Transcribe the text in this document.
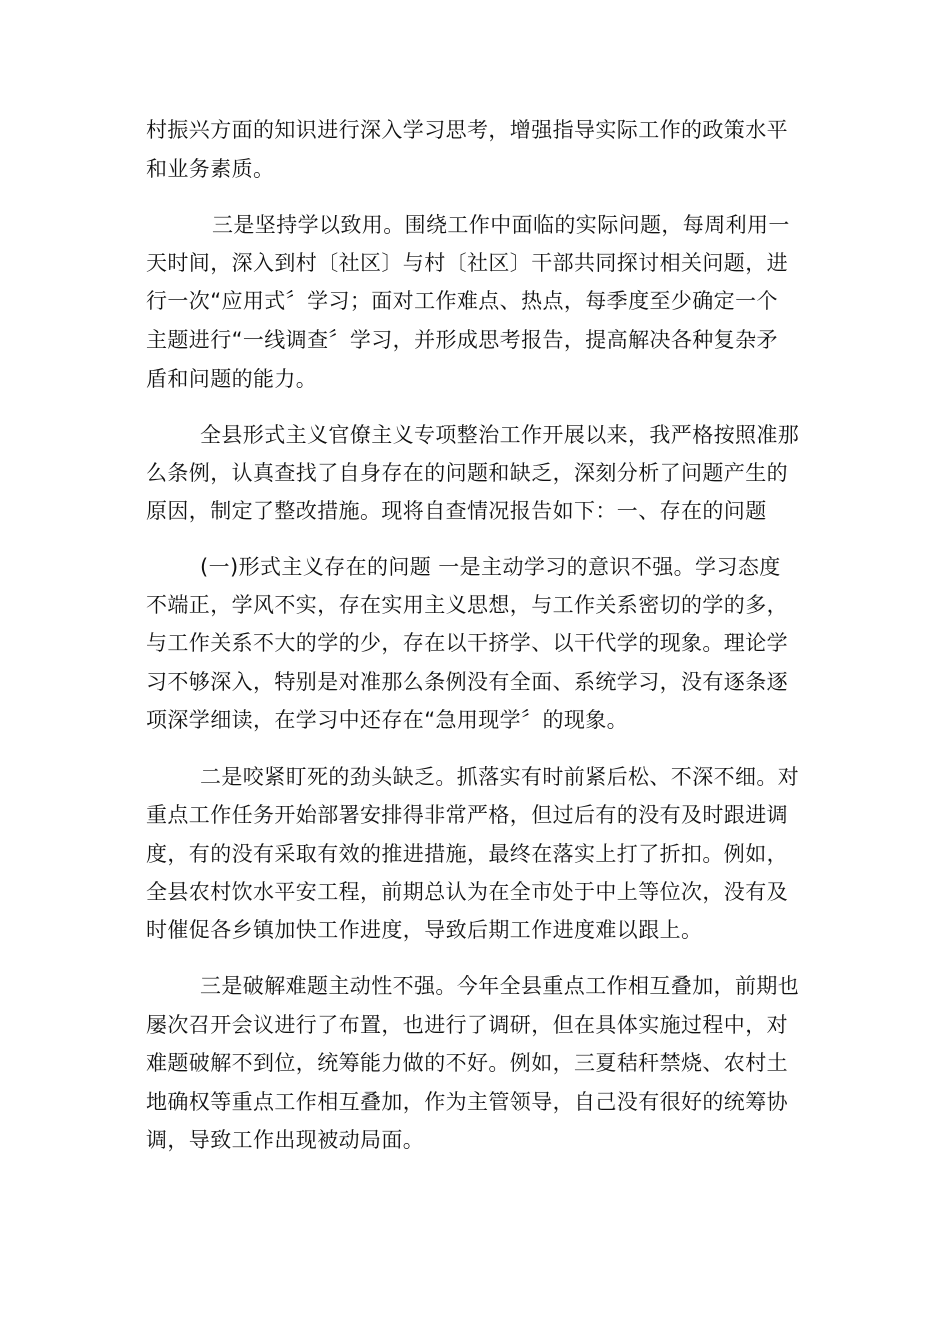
村振兴方面的知识进行深入学习思考，增强指导实际工作的政策水平
和业务素质。
三是坚持学以致用。围绕工作中面临的实际问题，每周利用一
天时间，深入到村〔社区〕与村〔社区〕干部共同探讨相关问题，进
行一次“应用式〞学习；面对工作难点、热点，每季度至少确定一个
主题进行“一线调查〞学习，并形成思考报告，提高解决各种复杂矛
盾和问题的能力。
全县形式主义官僚主义专项整治工作开展以来，我严格按照准那
么条例，认真查找了自身存在的问题和缺乏，深刻分析了问题产生的
原因，制定了整改措施。现将自查情况报告如下：一、存在的问题
(一)形式主义存在的问题 一是主动学习的意识不强。学习态度
不端正，学风不实，存在实用主义思想，与工作关系密切的学的多，
与工作关系不大的学的少，存在以干挤学、以干代学的现象。理论学
习不够深入，特别是对准那么条例没有全面、系统学习，没有逐条逐
项深学细读，在学习中还存在“急用现学〞的现象。
二是咬紧盯死的劲头缺乏。抓落实有时前紧后松、不深不细。对
重点工作任务开始部署安排得非常严格，但过后有的没有及时跟进调
度，有的没有采取有效的推进措施，最终在落实上打了折扣。例如，
全县农村饮水平安工程，前期总认为在全市处于中上等位次，没有及
时催促各乡镇加快工作进度，导致后期工作进度难以跟上。
三是破解难题主动性不强。今年全县重点工作相互叠加，前期也
屡次召开会议进行了布置，也进行了调研，但在具体实施过程中，对
难题破解不到位，统筹能力做的不好。例如，三夏秸秆禁烧、农村土
地确权等重点工作相互叠加，作为主管领导，自己没有很好的统筹协
调，导致工作出现被动局面。
